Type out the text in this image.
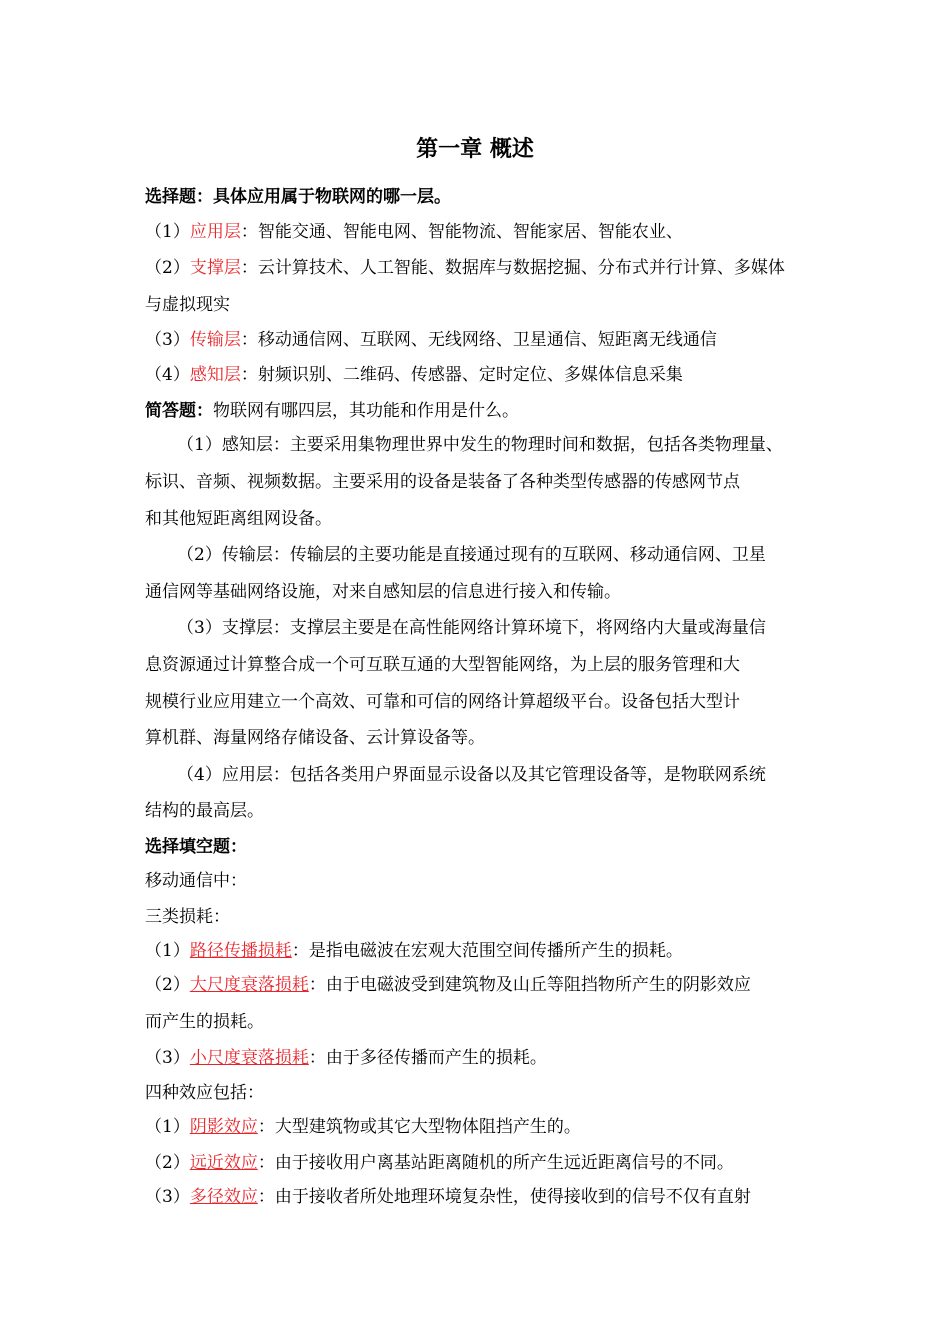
第一章 概述
选择题：具体应用属于物联网的哪一层。
（1）应用层：智能交通、智能电网、智能物流、智能家居、智能农业、
（2）支撑层：云计算技术、人工智能、数据库与数据挖掘、分布式并行计算、多媒体
与虚拟现实
（3）传输层：移动通信网、互联网、无线网络、卫星通信、短距离无线通信
（4）感知层：射频识别、二维码、传感器、定时定位、多媒体信息采集
简答题：物联网有哪四层，其功能和作用是什么。
（1）感知层：主要采用集物理世界中发生的物理时间和数据，包括各类物理量、
标识、音频、视频数据。主要采用的设备是装备了各种类型传感器的传感网节点
和其他短距离组网设备。
（2）传输层：传输层的主要功能是直接通过现有的互联网、移动通信网、卫星
通信网等基础网络设施，对来自感知层的信息进行接入和传输。
（3）支撑层：支撑层主要是在高性能网络计算环境下，将网络内大量或海量信
息资源通过计算整合成一个可互联互通的大型智能网络，为上层的服务管理和大
规模行业应用建立一个高效、可靠和可信的网络计算超级平台。设备包括大型计
算机群、海量网络存储设备、云计算设备等。
（4）应用层：包括各类用户界面显示设备以及其它管理设备等，是物联网系统
结构的最高层。
选择填空题：
移动通信中：
三类损耗：
（1）路径传播损耗：是指电磁波在宏观大范围空间传播所产生的损耗。
（2）大尺度衰落损耗：由于电磁波受到建筑物及山丘等阻挡物所产生的阴影效应
而产生的损耗。
（3）小尺度衰落损耗：由于多径传播而产生的损耗。
四种效应包括：
（1）阴影效应：大型建筑物或其它大型物体阻挡产生的。
（2）远近效应：由于接收用户离基站距离随机的所产生远近距离信号的不同。
（3）多径效应：由于接收者所处地理环境复杂性，使得接收到的信号不仅有直射
